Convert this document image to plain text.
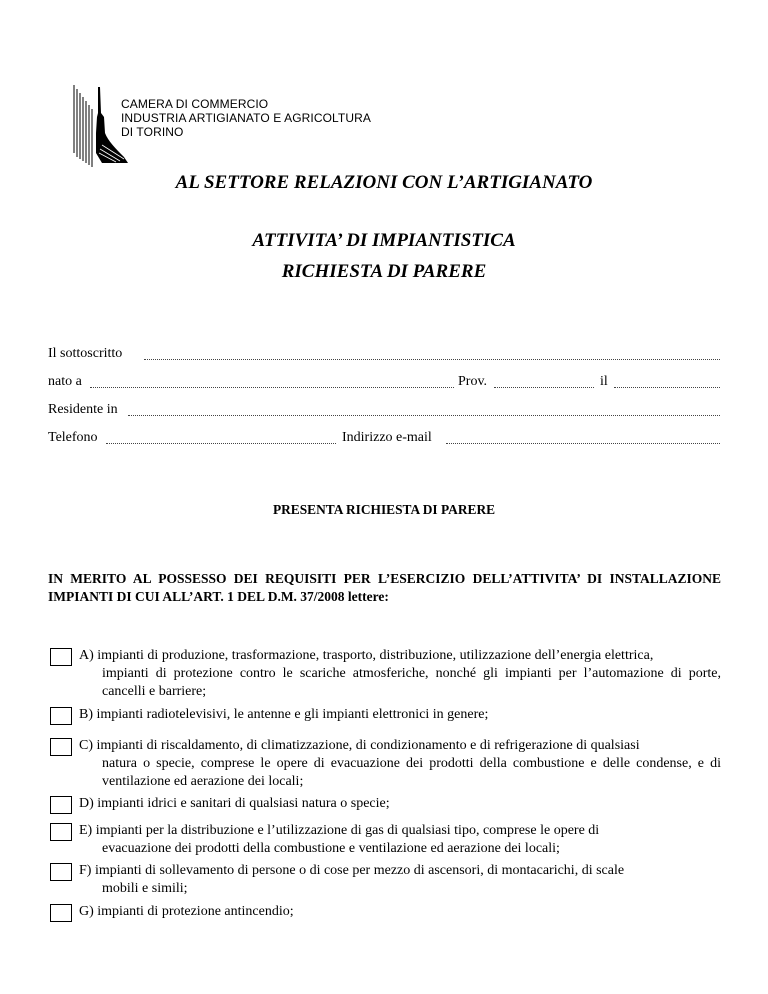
CAMERA DI COMMERCIO
INDUSTRIA ARTIGIANATO E AGRICOLTURA
DI TORINO
AL SETTORE RELAZIONI CON L’ARTIGIANATO
ATTIVITA’ DI IMPIANTISTICA
RICHIESTA DI PARERE
Il sottoscritto
nato a	Prov.	il
Residente in
Telefono	Indirizzo e-mail
PRESENTA RICHIESTA DI PARERE
IN MERITO AL POSSESSO DEI REQUISITI PER L’ESERCIZIO DELL’ATTIVITA’ DI INSTALLAZIONE IMPIANTI DI CUI ALL’ART. 1 DEL D.M. 37/2008 lettere:
A) impianti di produzione, trasformazione, trasporto, distribuzione, utilizzazione dell’energia elettrica,
impianti di protezione contro le scariche atmosferiche, nonché gli impianti per l’automazione di porte, cancelli e barriere;
B) impianti radiotelevisivi, le antenne e gli impianti elettronici in genere;
C) impianti di riscaldamento, di climatizzazione, di condizionamento e di refrigerazione di qualsiasi
natura o specie, comprese le opere di evacuazione dei prodotti della combustione e delle condense, e di ventilazione ed aerazione dei locali;
D) impianti idrici e sanitari di qualsiasi natura o specie;
E) impianti per la distribuzione e l’utilizzazione di gas di qualsiasi tipo, comprese le opere di
evacuazione dei prodotti della combustione e ventilazione ed aerazione dei locali;
F) impianti di sollevamento di persone o di cose per mezzo di ascensori, di montacarichi, di scale
mobili e simili;
G) impianti di protezione antincendio;
